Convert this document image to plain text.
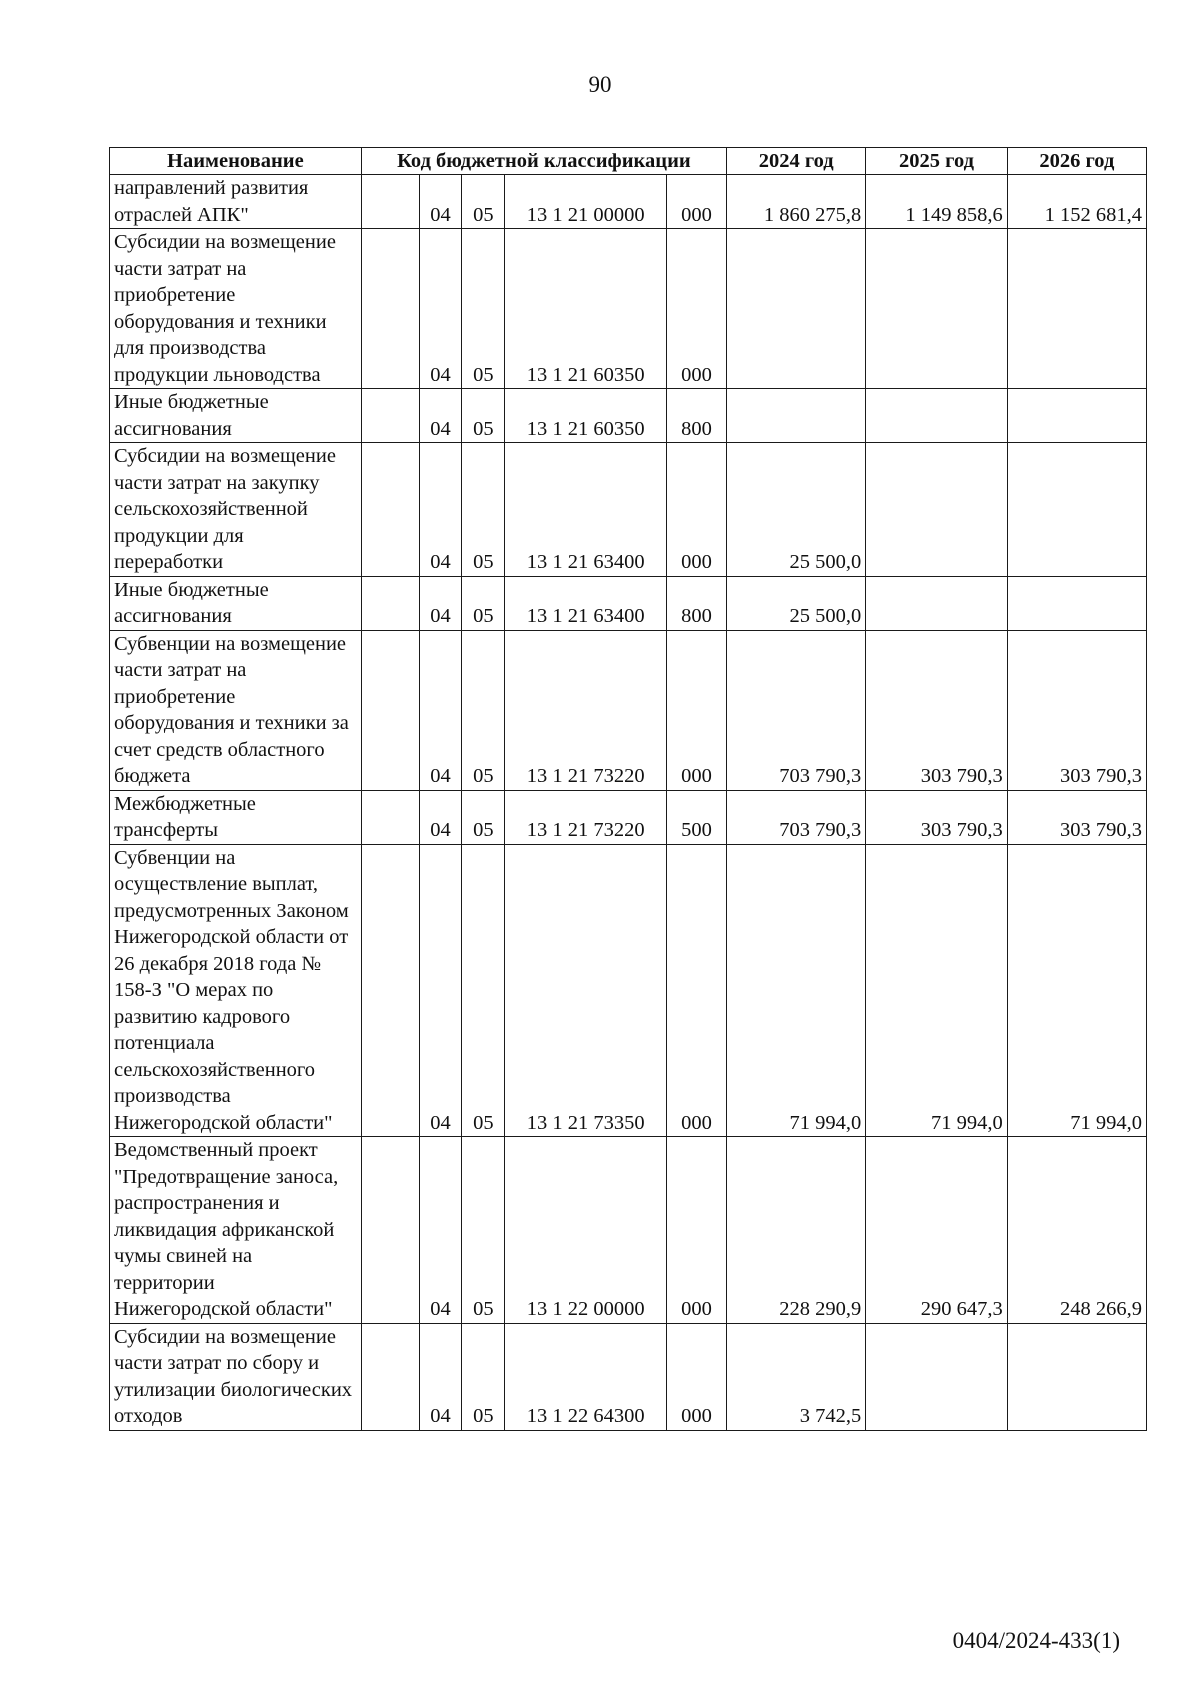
90
Наименование	Код бюджетной классификации					2024 год	2025 год	2026 год
направлений развития отраслей АПК"		04	05	13 1 21 00000	000	1 860 275,8	1 149 858,6	1 152 681,4
Субсидии на возмещение части затрат на приобретение оборудования и техники для производства продукции льноводства		04	05	13 1 21 60350	000			
Иные бюджетные ассигнования		04	05	13 1 21 60350	800			
Субсидии на возмещение части затрат на закупку сельскохозяйственной продукции для переработки		04	05	13 1 21 63400	000	25 500,0		
Иные бюджетные ассигнования		04	05	13 1 21 63400	800	25 500,0		
Субвенции на возмещение части затрат на приобретение оборудования и техники за счет средств областного бюджета		04	05	13 1 21 73220	000	703 790,3	303 790,3	303 790,3
Межбюджетные трансферты		04	05	13 1 21 73220	500	703 790,3	303 790,3	303 790,3
Субвенции на осуществление выплат, предусмотренных Законом Нижегородской области от 26 декабря 2018 года № 158-З "О мерах по развитию кадрового потенциала сельскохозяйственного производства Нижегородской области"		04	05	13 1 21 73350	000	71 994,0	71 994,0	71 994,0
Ведомственный проект "Предотвращение заноса, распространения и ликвидация африканской чумы свиней на территории Нижегородской области"		04	05	13 1 22 00000	000	228 290,9	290 647,3	248 266,9
Субсидии на возмещение части затрат по сбору и утилизации биологических отходов		04	05	13 1 22 64300	000	3 742,5		
0404/2024-433(1)
